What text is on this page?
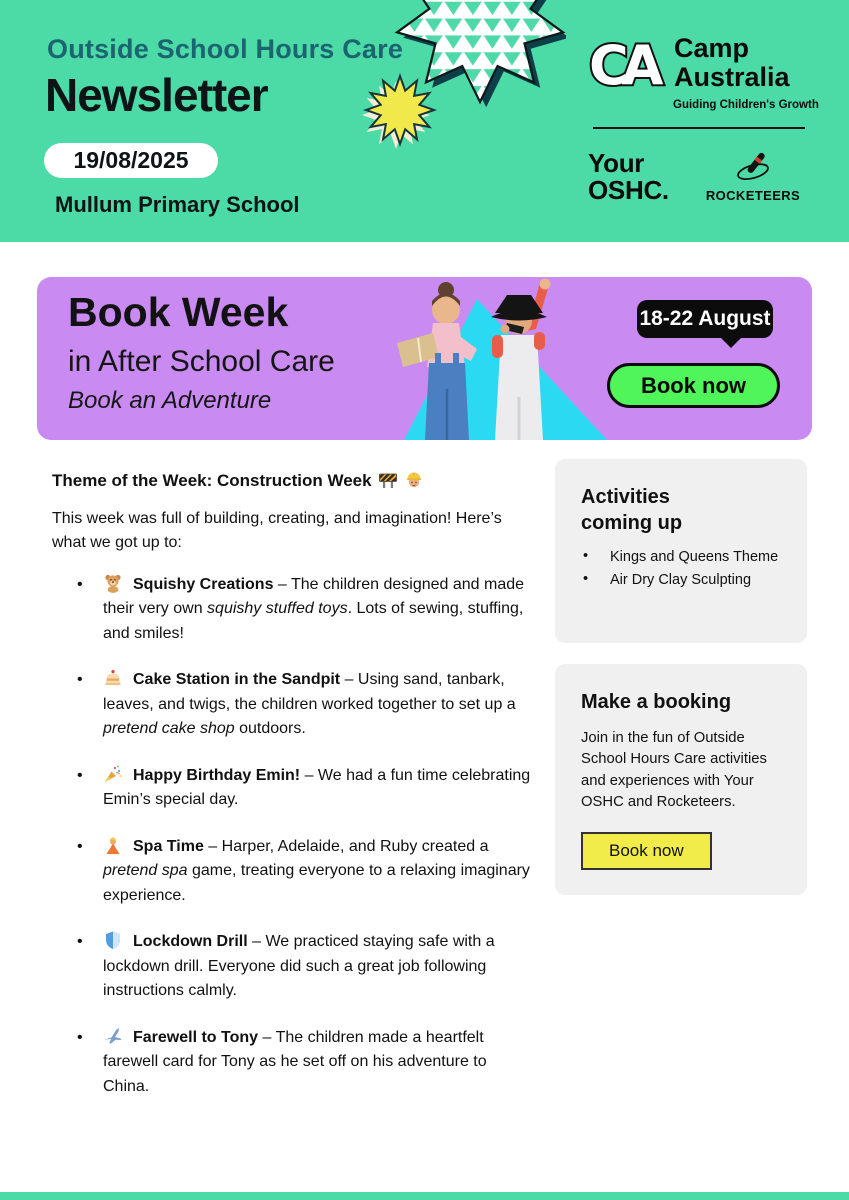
Outside School Hours Care
Newsletter
19/08/2025
Mullum Primary School
CA Camp
Australia
Guiding Children's Growth
Your
OSHC.	ROCKETEERS
Book Week
in After School Care
Book an Adventure
18-22 August
Book now
Theme of the Week: Construction Week

This week was full of building, creating, and imagination! Here’s what we got up to:

•	Squishy Creations – The children designed and made their very own squishy stuffed toys. Lots of sewing, stuffing, and smiles!
•	Cake Station in the Sandpit – Using sand, tanbark, leaves, and twigs, the children worked together to set up a pretend cake shop outdoors.
•	Happy Birthday Emin! – We had a fun time celebrating Emin’s special day.
•	Spa Time – Harper, Adelaide, and Ruby created a pretend spa game, treating everyone to a relaxing imaginary experience.
•	Lockdown Drill – We practiced staying safe with a lockdown drill. Everyone did such a great job following instructions calmly.
•	Farewell to Tony – The children made a heartfelt farewell card for Tony as he set off on his adventure to China.
Activities
coming up
• Kings and Queens Theme
• Air Dry Clay Sculpting
Make a booking

Join in the fun of Outside School Hours Care activities and experiences with Your OSHC and Rocketeers.

Book now
